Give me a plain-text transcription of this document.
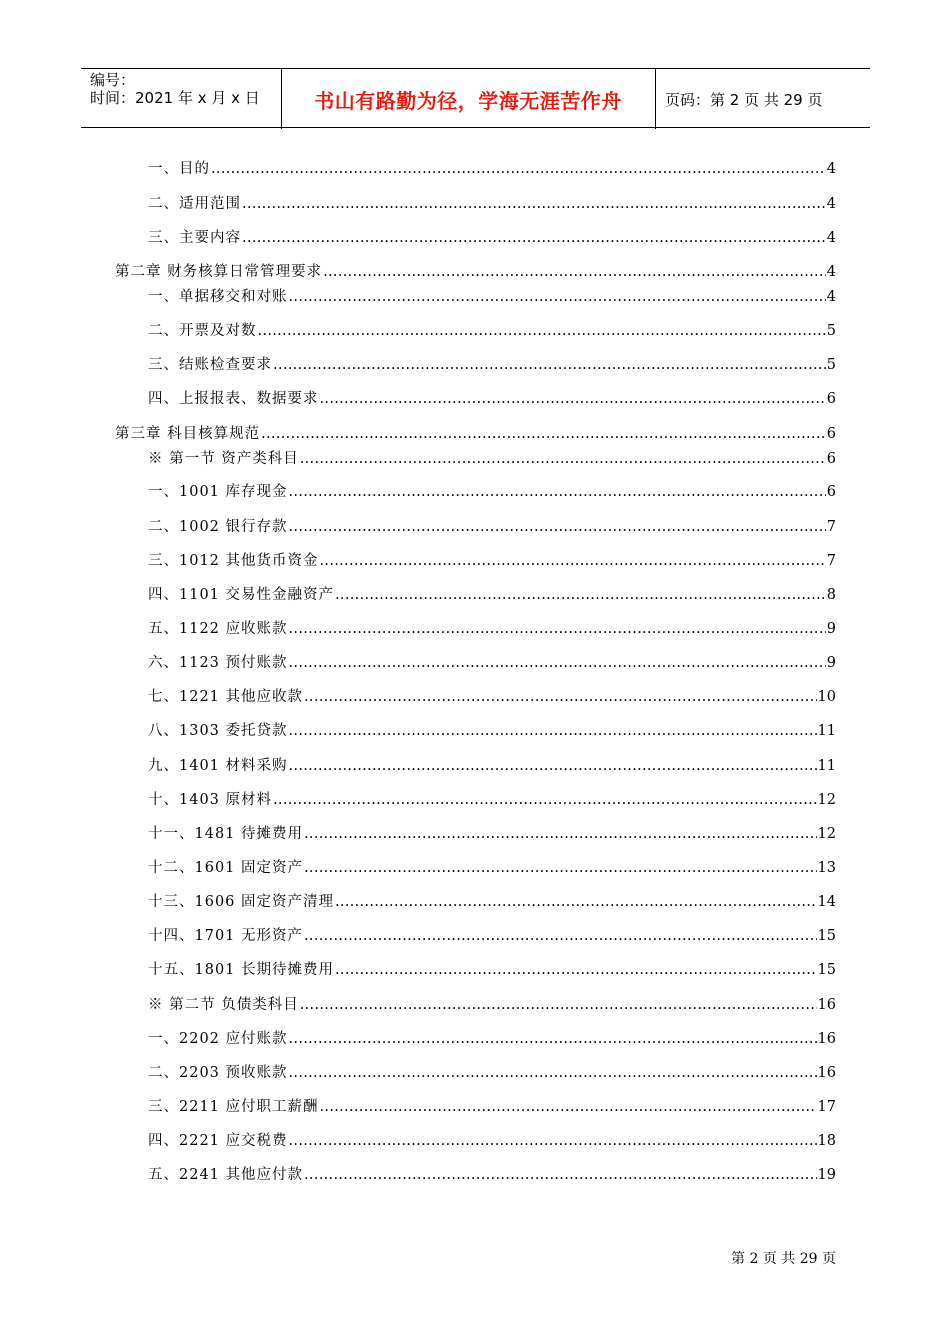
编号：
时间：2021 年 x 月 x 日	书山有路勤为径，学海无涯苦作舟	页码：第 2 页 共 29 页
一、目的 .....	4
二、适用范围 .....	4
三、主要内容 .....	4
第二章 财务核算日常管理要求 .....	4
一、单据移交和对账 .....	4
二、开票及对数 .....	5
三、结账检查要求 .....	5
四、上报报表、数据要求 .....	6
第三章 科目核算规范 .....	6
※ 第一节 资产类科目 .....	6
一、1001 库存现金 .....	6
二、1002 银行存款 .....	7
三、1012 其他货币资金 .....	7
四、1101 交易性金融资产 .....	8
五、1122 应收账款 .....	9
六、1123 预付账款 .....	9
七、1221 其他应收款 .....	10
八、1303 委托贷款 .....	11
九、1401 材料采购 .....	11
十、1403 原材料 .....	12
十一、1481 待摊费用 .....	12
十二、1601 固定资产 .....	13
十三、1606 固定资产清理 .....	14
十四、1701 无形资产 .....	15
十五、1801 长期待摊费用 .....	15
※ 第二节 负债类科目 .....	16
一、2202 应付账款 .....	16
二、2203 预收账款 .....	16
三、2211 应付职工薪酬 .....	17
四、2221 应交税费 .....	18
五、2241 其他应付款 .....	19
第 2 页 共 29 页
